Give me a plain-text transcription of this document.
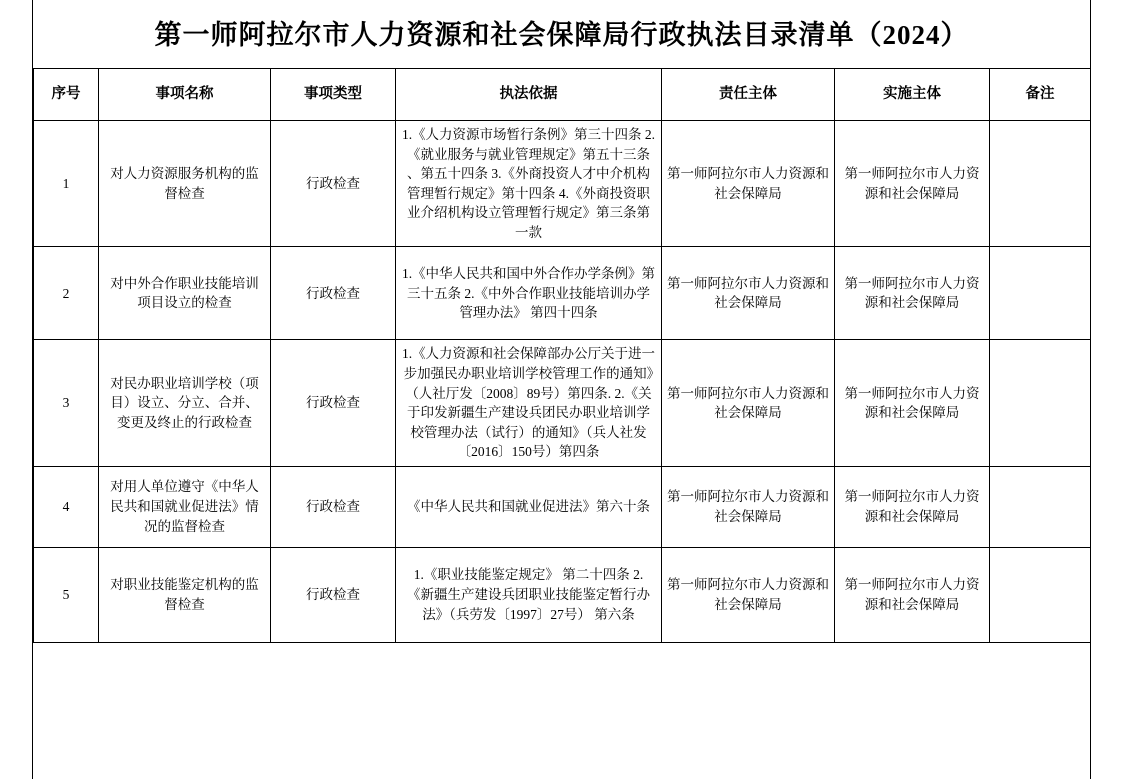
第一师阿拉尔市人力资源和社会保障局行政执法目录清单（2024）
序号	事项名称	事项类型	执法依据	责任主体	实施主体	备注
1	对人力资源服务机构的监督检查	行政检查	1.《人力资源市场暂行条例》第三十四条 2.《就业服务与就业管理规定》第五十三条 、第五十四条 3.《外商投资人才中介机构管理暂行规定》第十四条 4.《外商投资职业介绍机构设立管理暂行规定》第三条第一款	第一师阿拉尔市人力资源和社会保障局	第一师阿拉尔市人力资源和社会保障局	
2	对中外合作职业技能培训项目设立的检查	行政检查	1.《中华人民共和国中外合作办学条例》第三十五条 2.《中外合作职业技能培训办学管理办法》 第四十四条	第一师阿拉尔市人力资源和社会保障局	第一师阿拉尔市人力资源和社会保障局	
3	对民办职业培训学校（项目）设立、分立、合并、变更及终止的行政检查	行政检查	1.《人力资源和社会保障部办公厅关于进一步加强民办职业培训学校管理工作的通知》（人社厅发〔2008〕89号）第四条. 2.《关于印发新疆生产建设兵团民办职业培训学校管理办法（试行）的通知》（兵人社发〔2016〕150号）第四条	第一师阿拉尔市人力资源和社会保障局	第一师阿拉尔市人力资源和社会保障局	
4	对用人单位遵守《中华人民共和国就业促进法》情况的监督检查	行政检查	《中华人民共和国就业促进法》第六十条	第一师阿拉尔市人力资源和社会保障局	第一师阿拉尔市人力资源和社会保障局	
5	对职业技能鉴定机构的监督检查	行政检查	1.《职业技能鉴定规定》 第二十四条 2.《新疆生产建设兵团职业技能鉴定暂行办法》（兵劳发〔1997〕27号） 第六条	第一师阿拉尔市人力资源和社会保障局	第一师阿拉尔市人力资源和社会保障局	
